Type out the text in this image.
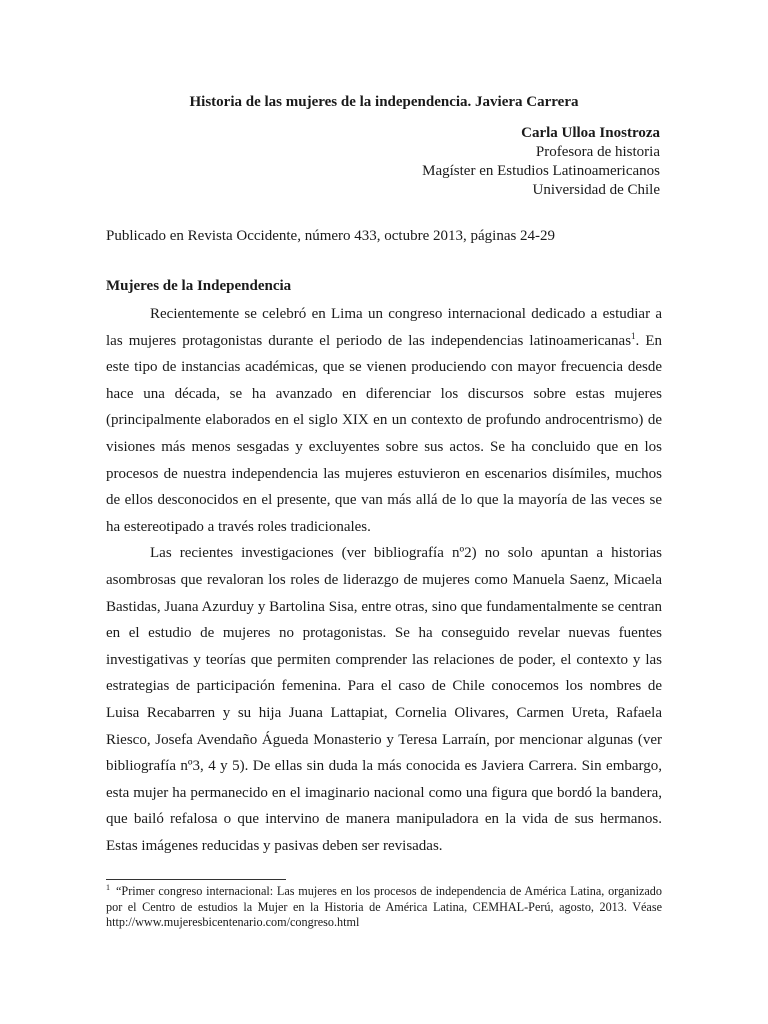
Historia de las mujeres de la independencia. Javiera Carrera
Carla Ulloa Inostroza
Profesora de historia
Magíster en Estudios Latinoamericanos
Universidad de Chile
Publicado en Revista Occidente, número 433, octubre 2013, páginas 24-29
Mujeres de la Independencia

Recientemente se celebró en Lima un congreso internacional dedicado a estudiar a las mujeres protagonistas durante el periodo de las independencias latinoamericanas$^1$. En este tipo de instancias académicas, que se vienen produciendo con mayor frecuencia desde hace una década, se ha avanzado en diferenciar los discursos sobre estas mujeres (principalmente elaborados en el siglo XIX en un contexto de profundo androcentrismo) de visiones más menos sesgadas y excluyentes sobre sus actos. Se ha concluido que en los procesos de nuestra independencia las mujeres estuvieron en escenarios disímiles, muchos de ellos desconocidos en el presente, que van más allá de lo que la mayoría de las veces se ha estereotipado a través roles tradicionales.

Las recientes investigaciones (ver bibliografía nº2) no solo apuntan a historias asombrosas que revaloran los roles de liderazgo de mujeres como Manuela Saenz, Micaela Bastidas, Juana Azurduy y Bartolina Sisa, entre otras, sino que fundamentalmente se centran en el estudio de mujeres no protagonistas. Se ha conseguido revelar nuevas fuentes investigativas y teorías que permiten comprender las relaciones de poder, el contexto y las estrategias de participación femenina. Para el caso de Chile conocemos los nombres de Luisa Recabarren y su hija Juana Lattapiat, Cornelia Olivares, Carmen Ureta, Rafaela Riesco, Josefa Avendaño Águeda Monasterio y Teresa Larraín, por mencionar algunas (ver bibliografía nº3, 4 y 5). De ellas sin duda la más conocida es Javiera Carrera. Sin embargo, esta mujer ha permanecido en el imaginario nacional como una figura que bordó la bandera, que bailó refalosa o que intervino de manera manipuladora en la vida de sus hermanos. Estas imágenes reducidas y pasivas deben ser revisadas.

$^1$ “Primer congreso internacional: Las mujeres en los procesos de independencia de América Latina, organizado por el Centro de estudios la Mujer en la Historia de América Latina, CEMHAL-Perú, agosto, 2013. Véase http://www.mujeresbicentenario.com/congreso.html
